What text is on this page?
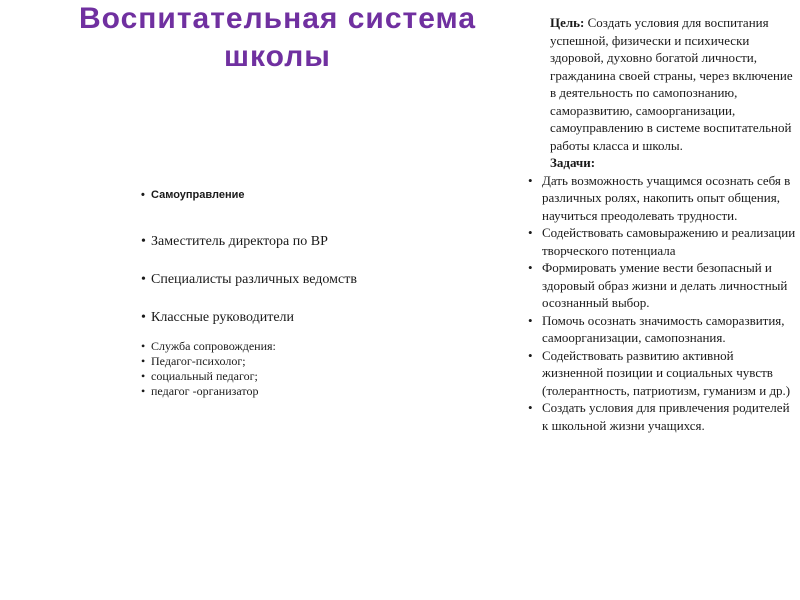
Воспитательная система
школы
• Самоуправление
• Заместитель директора по ВР
• Специалисты различных ведомств
• Классные руководители
• Служба сопровождения:
• Педагог-психолог;
• социальный педагог;
• педагог -организатор
Цель: Создать условия для воспитания успешной, физически и психически здоровой, духовно богатой личности, гражданина своей страны, через включение в деятельность по самопознанию, саморазвитию, самоорганизации, самоуправлению в системе воспитательной работы класса и школы.
Задачи:
• Дать возможность учащимся осознать себя в различных ролях, накопить опыт общения, научиться преодолевать трудности.
• Содействовать самовыражению и реализации творческого потенциала
• Формировать умение вести безопасный и здоровый образ жизни и делать личностный осознанный выбор.
• Помочь осознать значимость саморазвития, самоорганизации, самопознания.
• Содействовать развитию активной жизненной позиции и социальных чувств (толерантность, патриотизм, гуманизм и др.)
• Создать условия для привлечения родителей к школьной жизни учащихся.
